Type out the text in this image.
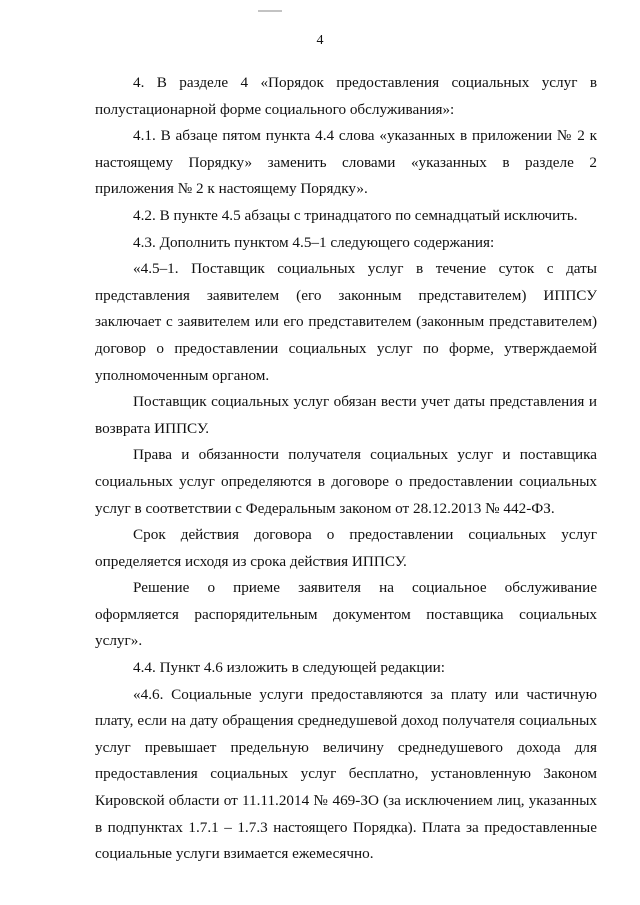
4

4. В разделе 4 «Порядок предоставления социальных услуг в полустационарной форме социального обслуживания»:

4.1. В абзаце пятом пункта 4.4 слова «указанных в приложении № 2 к настоящему Порядку» заменить словами «указанных в разделе 2 приложения № 2 к настоящему Порядку».

4.2. В пункте 4.5 абзацы с тринадцатого по семнадцатый исключить.

4.3. Дополнить пунктом 4.5–1 следующего содержания:

«4.5–1. Поставщик социальных услуг в течение суток с даты представления заявителем (его законным представителем) ИППСУ заключает с заявителем или его представителем (законным представителем) договор о предоставлении социальных услуг по форме, утверждаемой уполномоченным органом.

Поставщик социальных услуг обязан вести учет даты представления и возврата ИППСУ.

Права и обязанности получателя социальных услуг и поставщика социальных услуг определяются в договоре о предоставлении социальных услуг в соответствии с Федеральным законом от 28.12.2013 № 442-ФЗ.

Срок действия договора о предоставлении социальных услуг определяется исходя из срока действия ИППСУ.

Решение о приеме заявителя на социальное обслуживание оформляется распорядительным документом поставщика социальных услуг».

4.4. Пункт 4.6 изложить в следующей редакции:

«4.6. Социальные услуги предоставляются за плату или частичную плату, если на дату обращения среднедушевой доход получателя социальных услуг превышает предельную величину среднедушевого дохода для предоставления социальных услуг бесплатно, установленную Законом Кировской области от 11.11.2014 № 469-ЗО (за исключением лиц, указанных в подпунктах 1.7.1 – 1.7.3 настоящего Порядка). Плата за предоставленные социальные услуги взимается ежемесячно.
